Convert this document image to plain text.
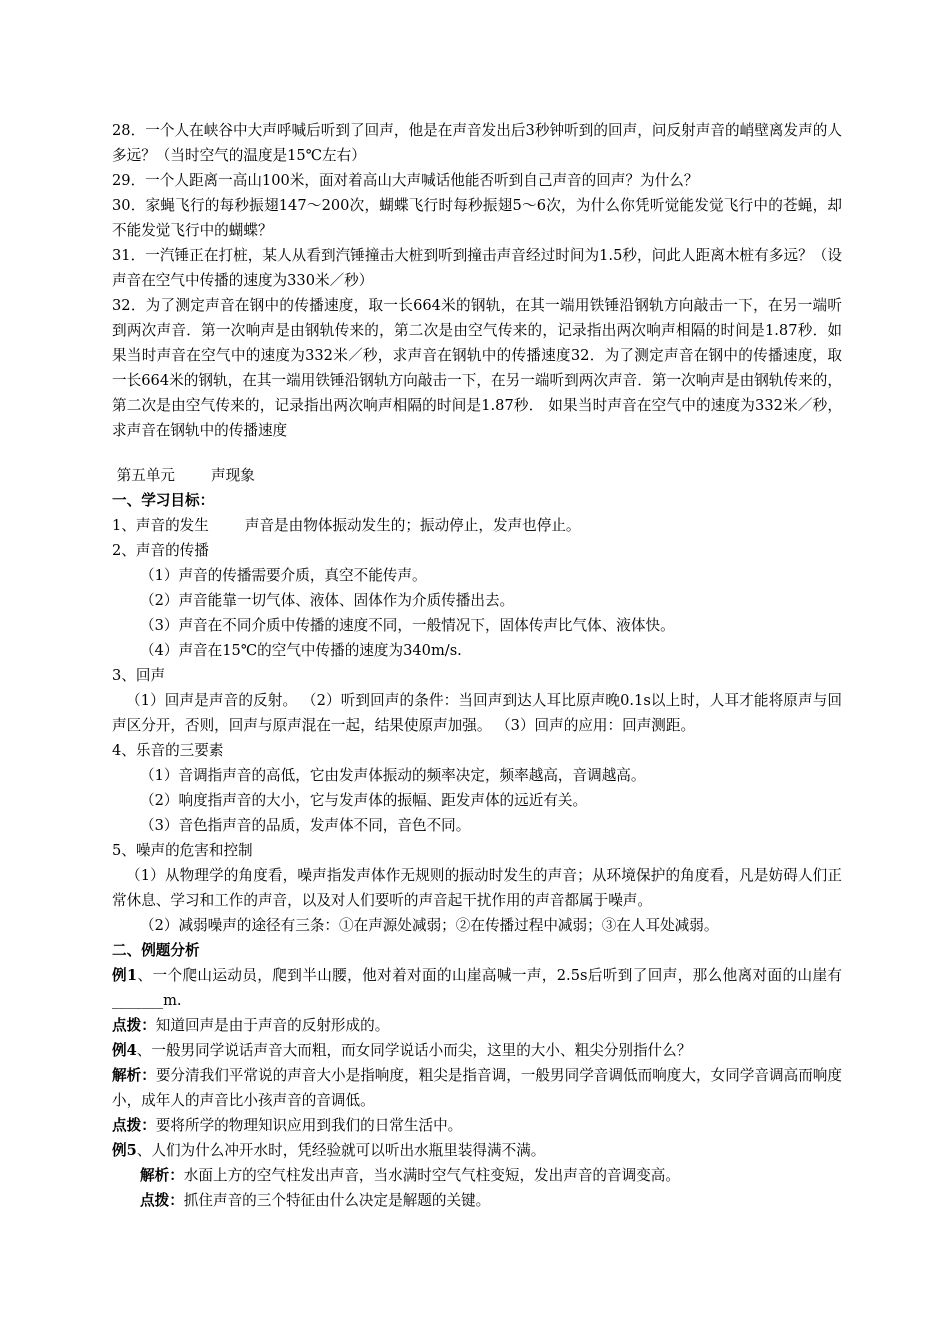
28．一个人在峡谷中大声呼喊后听到了回声，他是在声音发出后3秒钟听到的回声，问反射声音的峭壁离发声的人多远？（当时空气的温度是15℃左右）

29．一个人距离一高山100米，面对着高山大声喊话他能否听到自己声音的回声？为什么？

30．家蝇飞行的每秒振翅147～200次，蝴蝶飞行时每秒振翅5～6次，为什么你凭听觉能发觉飞行中的苍蝇，却不能发觉飞行中的蝴蝶？

31．一汽锤正在打桩，某人从看到汽锤撞击大桩到听到撞击声音经过时间为1.5秒，问此人距离木桩有多远？（设声音在空气中传播的速度为330米／秒）

32．为了测定声音在钢中的传播速度，取一长664米的钢轨，在其一端用铁锤沿钢轨方向敲击一下，在另一端听到两次声音．第一次响声是由钢轨传来的，第二次是由空气传来的，记录指出两次响声相隔的时间是1.87秒．如果当时声音在空气中的速度为332米／秒，求声音在钢轨中的传播速度32．为了测定声音在钢中的传播速度，取一长664米的钢轨，在其一端用铁锤沿钢轨方向敲击一下，在另一端听到两次声音．第一次响声是由钢轨传来的，第二次是由空气传来的，记录指出两次响声相隔的时间是1.87秒． 如果当时声音在空气中的速度为332米／秒，求声音在钢轨中的传播速度

第五单元 声现象

一、学习目标：

1、声音的发生 声音是由物体振动发生的；振动停止，发声也停止。

2、声音的传播

（1）声音的传播需要介质，真空不能传声。

（2）声音能靠一切气体、液体、固体作为介质传播出去。

（3）声音在不同介质中传播的速度不同，一般情况下，固体传声比气体、液体快。

（4）声音在15℃的空气中传播的速度为340m/s.

3、回声

（1）回声是声音的反射。 （2）听到回声的条件：当回声到达人耳比原声晚0.1s以上时，人耳才能将原声与回声区分开，否则，回声与原声混在一起，结果使原声加强。 （3）回声的应用：回声测距。

4、乐音的三要素

（1）音调指声音的高低，它由发声体振动的频率决定，频率越高，音调越高。

（2）响度指声音的大小，它与发声体的振幅、距发声体的远近有关。

（3）音色指声音的品质，发声体不同，音色不同。

5、噪声的危害和控制

（1）从物理学的角度看，噪声指发声体作无规则的振动时发生的声音；从环境保护的角度看，凡是妨碍人们正常休息、学习和工作的声音，以及对人们要听的声音起干扰作用的声音都属于噪声。

（2）减弱噪声的途径有三条：①在声源处减弱；②在传播过程中减弱；③在人耳处减弱。

二、例题分析

例1、一个爬山运动员，爬到半山腰，他对着对面的山崖高喊一声，2.5s后听到了回声，那么他离对面的山崖有_______m.

点拨：知道回声是由于声音的反射形成的。

例4、一般男同学说话声音大而粗，而女同学说话小而尖，这里的大小、粗尖分别指什么？

解析：要分清我们平常说的声音大小是指响度，粗尖是指音调，一般男同学音调低而响度大，女同学音调高而响度小，成年人的声音比小孩声音的音调低。

点拨：要将所学的物理知识应用到我们的日常生活中。

例5、人们为什么冲开水时，凭经验就可以听出水瓶里装得满不满。

解析：水面上方的空气柱发出声音，当水满时空气气柱变短，发出声音的音调变高。

点拨：抓住声音的三个特征由什么决定是解题的关键。
